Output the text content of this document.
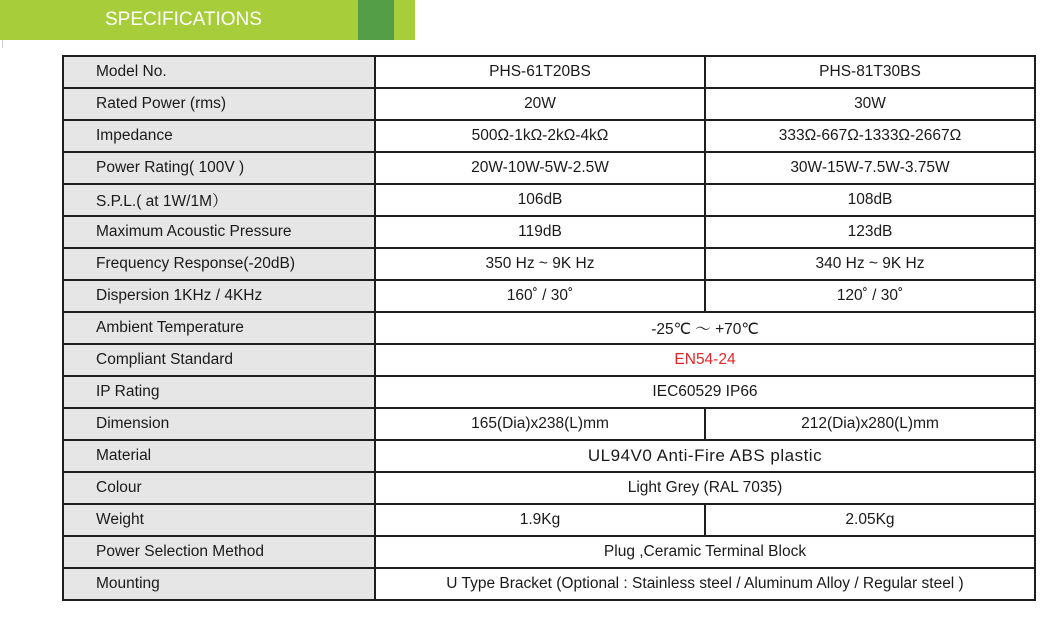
SPECIFICATIONS
Model No.	PHS-61T20BS	PHS-81T30BS
Rated Power (rms)	20W	30W
Impedance	500Ω-1kΩ-2kΩ-4kΩ	333Ω-667Ω-1333Ω-2667Ω
Power Rating( 100V )	20W-10W-5W-2.5W	30W-15W-7.5W-3.75W
S.P.L.( at 1W/1M）	106dB	108dB
Maximum Acoustic Pressure	119dB	123dB
Frequency Response(-20dB)	350 Hz ~ 9K Hz	340 Hz ~ 9K Hz
Dispersion 1KHz / 4KHz	160˚ / 30˚	120˚ / 30˚
Ambient Temperature	-25℃ ～ +70℃	
Compliant Standard	EN54-24	
IP Rating	IEC60529 IP66	
Dimension	165(Dia)x238(L)mm	212(Dia)x280(L)mm
Material	UL94V0 Anti-Fire ABS plastic	
Colour	Light Grey (RAL 7035)	
Weight	1.9Kg	2.05Kg
Power Selection Method	Plug ,Ceramic Terminal Block	
Mounting	U Type Bracket (Optional : Stainless steel / Aluminum Alloy / Regular steel )	
